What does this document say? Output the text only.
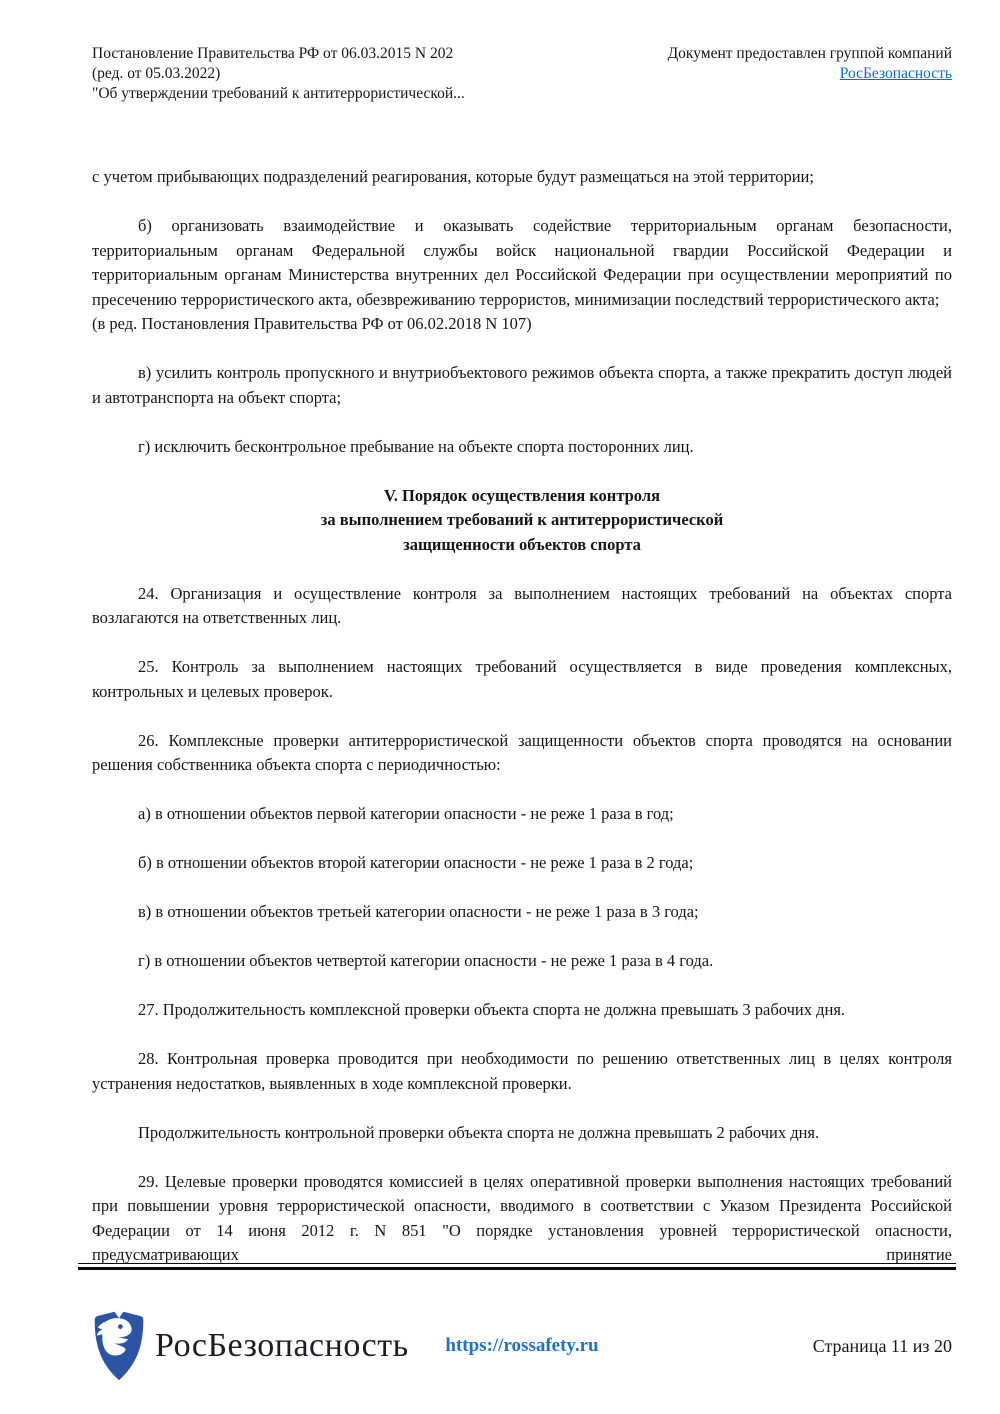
Постановление Правительства РФ от 06.03.2015 N 202
(ред. от 05.03.2022)
"Об утверждении требований к антитеррористической...
Документ предоставлен группой компаний
РосБезопасность

с учетом прибывающих подразделений реагирования, которые будут размещаться на этой территории;

б) организовать взаимодействие и оказывать содействие территориальным органам безопасности, территориальным органам Федеральной службы войск национальной гвардии Российской Федерации и территориальным органам Министерства внутренних дел Российской Федерации при осуществлении мероприятий по пресечению террористического акта, обезвреживанию террористов, минимизации последствий террористического акта;

(в ред. Постановления Правительства РФ от 06.02.2018 N 107)

в) усилить контроль пропускного и внутриобъектового режимов объекта спорта, а также прекратить доступ людей и автотранспорта на объект спорта;

г) исключить бесконтрольное пребывание на объекте спорта посторонних лиц.

V. Порядок осуществления контроля
за выполнением требований к антитеррористической
защищенности объектов спорта

24. Организация и осуществление контроля за выполнением настоящих требований на объектах спорта возлагаются на ответственных лиц.

25. Контроль за выполнением настоящих требований осуществляется в виде проведения комплексных, контрольных и целевых проверок.

26. Комплексные проверки антитеррористической защищенности объектов спорта проводятся на основании решения собственника объекта спорта с периодичностью:

а) в отношении объектов первой категории опасности - не реже 1 раза в год;

б) в отношении объектов второй категории опасности - не реже 1 раза в 2 года;

в) в отношении объектов третьей категории опасности - не реже 1 раза в 3 года;

г) в отношении объектов четвертой категории опасности - не реже 1 раза в 4 года.

27. Продолжительность комплексной проверки объекта спорта не должна превышать 3 рабочих дня.

28. Контрольная проверка проводится при необходимости по решению ответственных лиц в целях контроля устранения недостатков, выявленных в ходе комплексной проверки.

Продолжительность контрольной проверки объекта спорта не должна превышать 2 рабочих дня.

29. Целевые проверки проводятся комиссией в целях оперативной проверки выполнения настоящих требований при повышении уровня террористической опасности, вводимого в соответствии с Указом Президента Российской Федерации от 14 июня 2012 г. N 851 "О порядке установления уровней террористической опасности, предусматривающих принятие

РосБезопасность https://rossafety.ru	Страница 11 из 20
